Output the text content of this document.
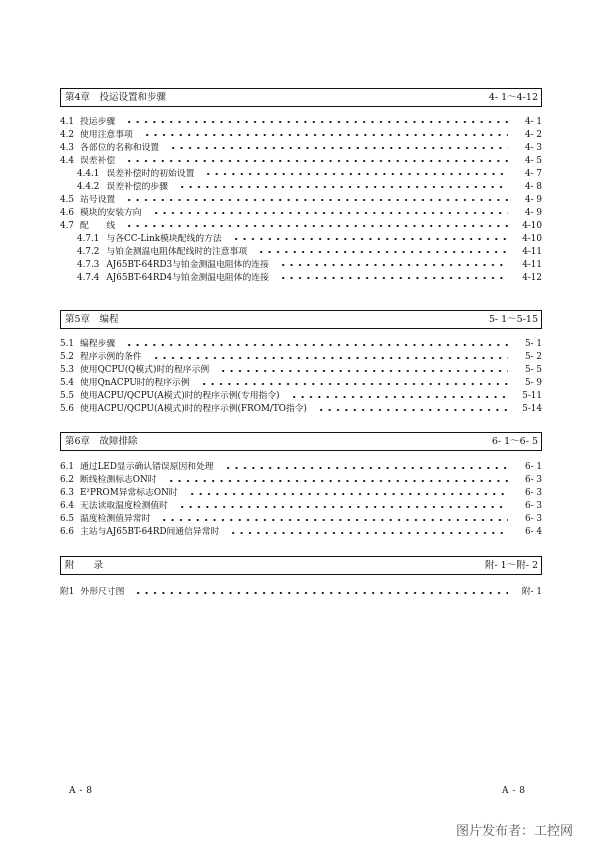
第4章　投运设置和步骤	4- 1～4-12
4.1 投运步骤	4- 1
4.2 使用注意事项	4- 2
4.3 各部位的名称和设置	4- 3
4.4 误差补偿	4- 5
4.4.1 误差补偿时的初始设置	4- 7
4.4.2 误差补偿的步骤	4- 8
4.5 站号设置	4- 9
4.6 模块的安装方向	4- 9
4.7 配　　线	4-10
4.7.1 与各CC-Link模块配线的方法	4-10
4.7.2 与铂金测温电阻体配线时的注意事项	4-11
4.7.3 AJ65BT-64RD3与铂金测温电阻体的连接	4-11
4.7.4 AJ65BT-64RD4与铂金测温电阻体的连接	4-12
第5章　编程	5- 1～5-15
5.1 编程步骤	5- 1
5.2 程序示例的条件	5- 2
5.3 使用QCPU(Q模式)时的程序示例	5- 5
5.4 使用QnACPU时的程序示例	5- 9
5.5 使用ACPU/QCPU(A模式)时的程序示例(专用指令)	5-11
5.6 使用ACPU/QCPU(A模式)时的程序示例(FROM/TO指令)	5-14
第6章　故障排除	6- 1～6- 5
6.1 通过LED显示确认错误原因和处理	6- 1
6.2 断线检测标志ON时	6- 3
6.3 E²PROM异常标志ON时	6- 3
6.4 无法读取温度检测值时	6- 3
6.5 温度检测值异常时	6- 3
6.6 主站与AJ65BT-64RD间通信异常时	6- 4
附　　录	附- 1～附- 2
附1 外形尺寸图	附- 1
A - 8	A - 8
图片发布者：工控网
